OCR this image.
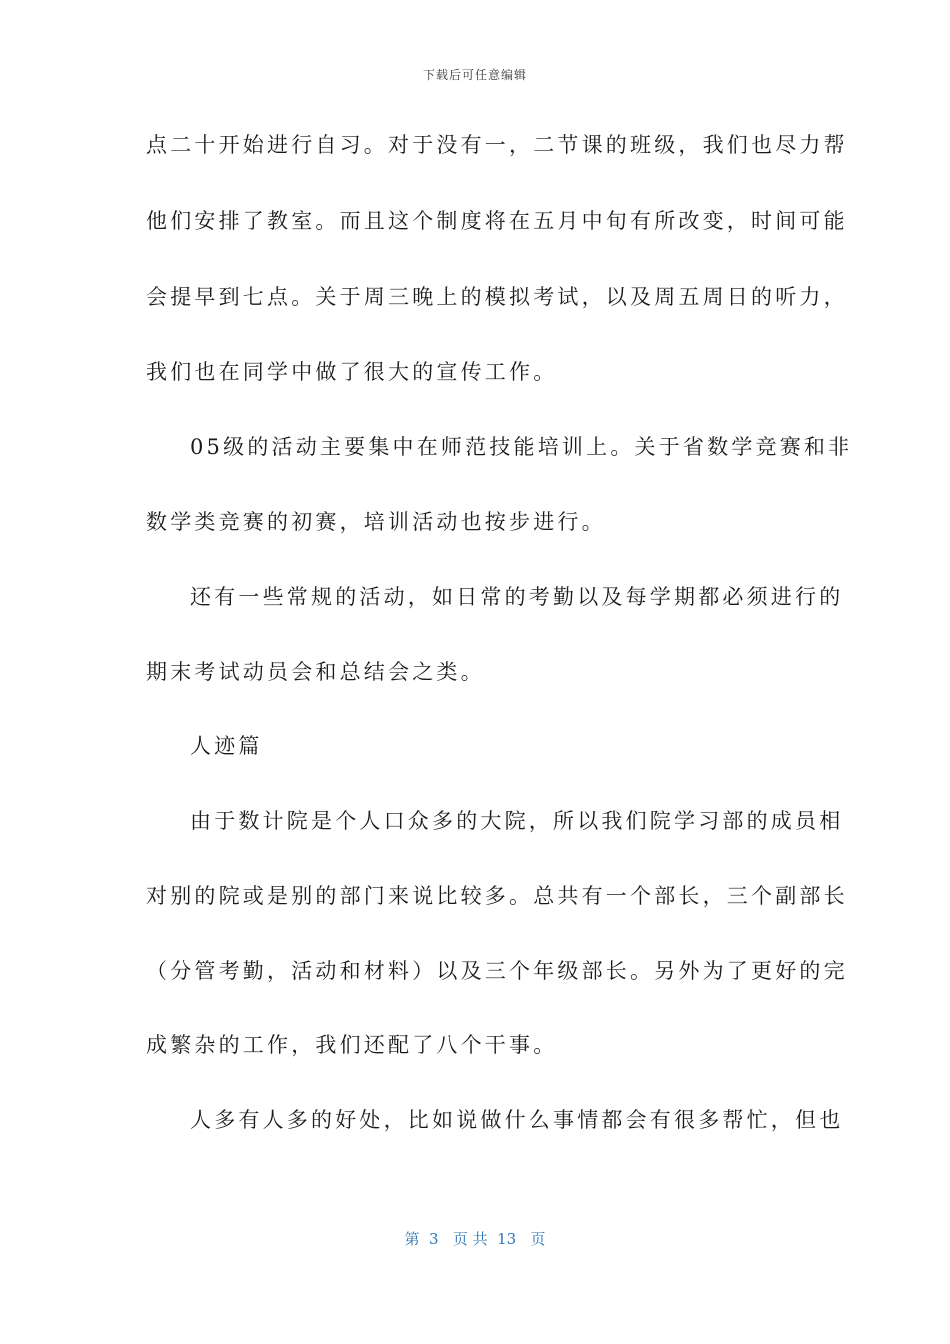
下载后可任意编辑
点二十开始进行自习。对于没有一，二节课的班级，我们也尽力帮
他们安排了教室。而且这个制度将在五月中旬有所改变，时间可能
会提早到七点。关于周三晚上的模拟考试，以及周五周日的听力，
我们也在同学中做了很大的宣传工作。
05级的活动主要集中在师范技能培训上。关于省数学竞赛和非
数学类竞赛的初赛，培训活动也按步进行。
还有一些常规的活动，如日常的考勤以及每学期都必须进行的
期末考试动员会和总结会之类。
人迹篇
由于数计院是个人口众多的大院，所以我们院学习部的成员相
对别的院或是别的部门来说比较多。总共有一个部长，三个副部长
（分管考勤，活动和材料）以及三个年级部长。另外为了更好的完
成繁杂的工作，我们还配了八个干事。
人多有人多的好处，比如说做什么事情都会有很多帮忙，但也
第  3   页 共  13   页
